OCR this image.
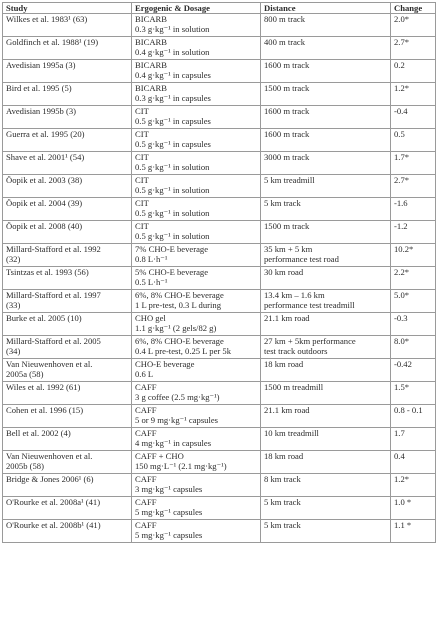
Study	Ergogenic & Dosage	Distance	Change

Wilkes et al. 1983¹ (63)	BICARB
0.3 g·kg⁻¹ in solution	800 m track	2.0*

Goldfinch et al. 1988¹ (19)	BICARB
0.4 g·kg⁻¹ in solution	400 m track	2.7*

Avedisian 1995a (3)	BICARB
0.4 g·kg⁻¹ in capsules	1600 m track	0.2

Bird et al. 1995 (5)	BICARB
0.3 g·kg⁻¹ in capsules	1500 m track	1.2*

Avedisian 1995b (3)	CIT
0.5 g·kg⁻¹ in capsules	1600 m track	-0.4

Guerra et al. 1995 (20)	CIT
0.5 g·kg⁻¹ in capsules	1600 m track	0.5

Shave et al. 2001¹ (54)	CIT
0.5 g·kg⁻¹ in solution	3000 m track	1.7*

Öopik et al. 2003 (38)	CIT
0.5 g·kg⁻¹ in solution	5 km treadmill	2.7*

Öopik et al. 2004 (39)	CIT
0.5 g·kg⁻¹ in solution	5 km track	-1.6

Öopik et al. 2008 (40)	CIT
0.5 g·kg⁻¹ in solution	1500 m track	-1.2

Millard-Stafford et al. 1992
(32)	7% CHO-E beverage
0.8 L·h⁻¹	35 km + 5 km
performance test road	10.2*

Tsintzas et al. 1993 (56)	5% CHO-E beverage
0.5 L·h⁻¹	30 km road	2.2*

Millard-Stafford et al. 1997
(33)	6%, 8% CHO-E beverage
1 L pre-test, 0.3 L during	13.4 km – 1.6 km
performance test treadmill	5.0*

Burke et al. 2005 (10)	CHO gel
1.1 g·kg⁻¹ (2 gels/82 g)	21.1 km road	-0.3

Millard-Stafford et al. 2005
(34)	6%, 8% CHO-E beverage
0.4 L pre-test, 0.25 L per 5k	27 km + 5km performance
test track outdoors	8.0*

Van Nieuwenhoven et al.
2005a (58)	CHO-E beverage
0.6 L	18 km road	-0.42

Wiles et al. 1992 (61)	CAFF
3 g coffee (2.5 mg·kg⁻¹)	1500 m treadmill	1.5*

Cohen et al. 1996 (15)	CAFF
5 or 9 mg·kg⁻¹ capsules	21.1 km road	0.8 - 0.1

Bell et al. 2002 (4)	CAFF
4 mg·kg⁻¹ in capsules	10 km treadmill	1.7

Van Nieuwenhoven et al.
2005b (58)	CAFF + CHO
150 mg·L⁻¹ (2.1 mg·kg⁻¹)	18 km road	0.4

Bridge & Jones 2006¹ (6)	CAFF
3 mg·kg⁻¹ capsules	8 km track	1.2*

O'Rourke et al. 2008a¹ (41)	CAFF
5 mg·kg⁻¹ capsules	5 km track	1.0 *

O'Rourke et al. 2008b¹ (41)	CAFF
5 mg·kg⁻¹ capsules	5 km track	1.1 *
